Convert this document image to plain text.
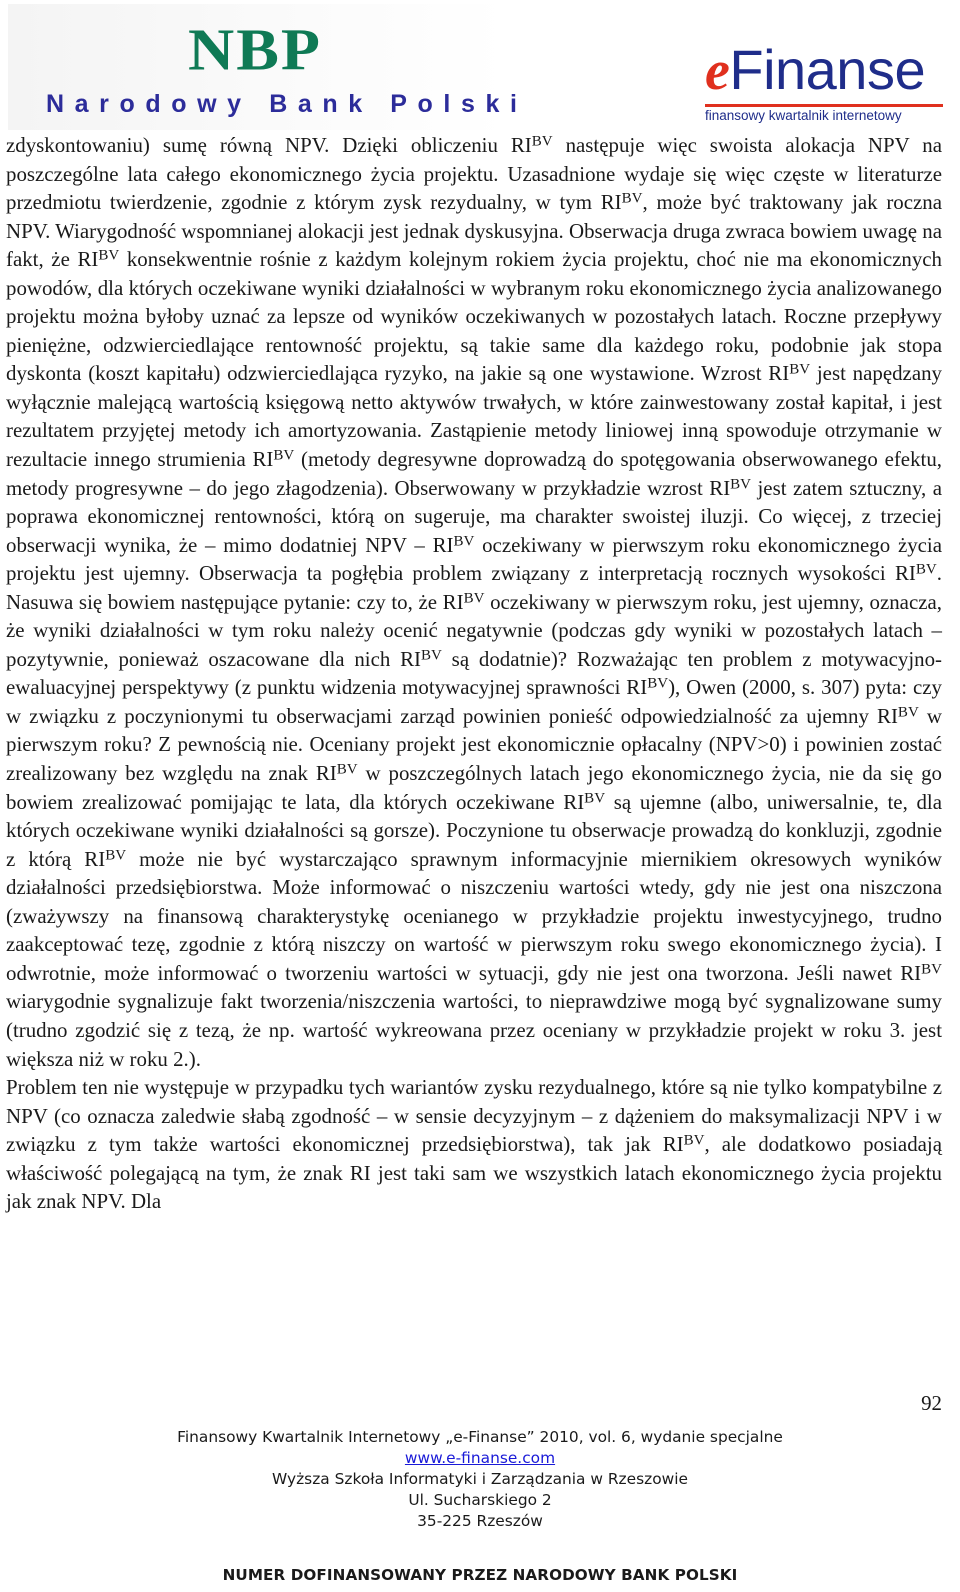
NBP
Narodowy Bank Polski
eFinanse
finansowy kwartalnik internetowy

zdyskontowaniu) sumę równą NPV. Dzięki obliczeniu $RI^{BV}$ następuje więc swoista alokacja NPV na poszczególne lata całego ekonomicznego życia projektu. Uzasadnione wydaje się więc częste w literaturze przedmiotu twierdzenie, zgodnie z którym zysk rezydualny, w tym $RI^{BV}$, może być traktowany jak roczna NPV. Wiarygodność wspomnianej alokacji jest jednak dyskusyjna. Obserwacja druga zwraca bowiem uwagę na fakt, że $RI^{BV}$ konsekwentnie rośnie z każdym kolejnym rokiem życia projektu, choć nie ma ekonomicznych powodów, dla których oczekiwane wyniki działalności w wybranym roku ekonomicznego życia analizowanego projektu można byłoby uznać za lepsze od wyników oczekiwanych w pozostałych latach. Roczne przepływy pieniężne, odzwierciedlające rentowność projektu, są takie same dla każdego roku, podobnie jak stopa dyskonta (koszt kapitału) odzwierciedlająca ryzyko, na jakie są one wystawione. Wzrost $RI^{BV}$ jest napędzany wyłącznie malejącą wartością księgową netto aktywów trwałych, w które zainwestowany został kapitał, i jest rezultatem przyjętej metody ich amortyzowania. Zastąpienie metody liniowej inną spowoduje otrzymanie w rezultacie innego strumienia $RI^{BV}$ (metody degresywne doprowadzą do spotęgowania obserwowanego efektu, metody progresywne – do jego złagodzenia). Obserwowany w przykładzie wzrost $RI^{BV}$ jest zatem sztuczny, a poprawa ekonomicznej rentowności, którą on sugeruje, ma charakter swoistej iluzji. Co więcej, z trzeciej obserwacji wynika, że – mimo dodatniej NPV – $RI^{BV}$ oczekiwany w pierwszym roku ekonomicznego życia projektu jest ujemny. Obserwacja ta pogłębia problem związany z interpretacją rocznych wysokości $RI^{BV}$. Nasuwa się bowiem następujące pytanie: czy to, że $RI^{BV}$ oczekiwany w pierwszym roku, jest ujemny, oznacza, że wyniki działalności w tym roku należy ocenić negatywnie (podczas gdy wyniki w pozostałych latach – pozytywnie, ponieważ oszacowane dla nich $RI^{BV}$ są dodatnie)? Rozważając ten problem z motywacyjno-ewaluacyjnej perspektywy (z punktu widzenia motywacyjnej sprawności $RI^{BV}$), Owen (2000, s. 307) pyta: czy w związku z poczynionymi tu obserwacjami zarząd powinien ponieść odpowiedzialność za ujemny $RI^{BV}$ w pierwszym roku? Z pewnością nie. Oceniany projekt jest ekonomicznie opłacalny (NPV>0) i powinien zostać zrealizowany bez względu na znak $RI^{BV}$ w poszczególnych latach jego ekonomicznego życia, nie da się go bowiem zrealizować pomijając te lata, dla których oczekiwane $RI^{BV}$ są ujemne (albo, uniwersalnie, te, dla których oczekiwane wyniki działalności są gorsze). Poczynione tu obserwacje prowadzą do konkluzji, zgodnie z którą $RI^{BV}$ może nie być wystarczająco sprawnym informacyjnie miernikiem okresowych wyników działalności przedsiębiorstwa. Może informować o niszczeniu wartości wtedy, gdy nie jest ona niszczona (zważywszy na finansową charakterystykę ocenianego w przykładzie projektu inwestycyjnego, trudno zaakceptować tezę, zgodnie z którą niszczy on wartość w pierwszym roku swego ekonomicznego życia). I odwrotnie, może informować o tworzeniu wartości w sytuacji, gdy nie jest ona tworzona. Jeśli nawet $RI^{BV}$ wiarygodnie sygnalizuje fakt tworzenia/niszczenia wartości, to nieprawdziwe mogą być sygnalizowane sumy (trudno zgodzić się z tezą, że np. wartość wykreowana przez oceniany w przykładzie projekt w roku 3. jest większa niż w roku 2.).

Problem ten nie występuje w przypadku tych wariantów zysku rezydualnego, które są nie tylko kompatybilne z NPV (co oznacza zaledwie słabą zgodność – w sensie decyzyjnym – z dążeniem do maksymalizacji NPV i w związku z tym także wartości ekonomicznej przedsiębiorstwa), tak jak $RI^{BV}$, ale dodatkowo posiadają właściwość polegającą na tym, że znak RI jest taki sam we wszystkich latach ekonomicznego życia projektu jak znak NPV. Dla

92
Finansowy Kwartalnik Internetowy „e-Finanse” 2010, vol. 6, wydanie specjalne
www.e-finanse.com
Wyższa Szkoła Informatyki i Zarządzania w Rzeszowie
Ul. Sucharskiego 2
35-225 Rzeszów
NUMER DOFINANSOWANY PRZEZ NARODOWY BANK POLSKI
